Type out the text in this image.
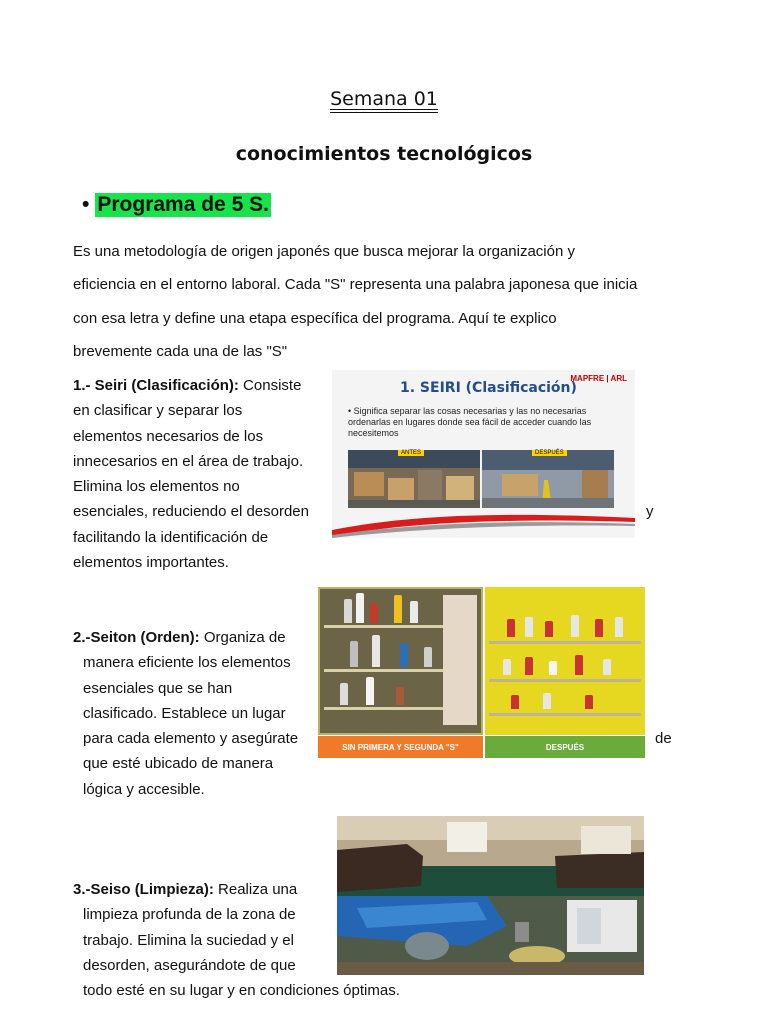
Semana 01
conocimientos tecnológicos
• Programa de 5 S.
Es una metodología de origen japonés que busca mejorar la organización y
eficiencia en el entorno laboral. Cada "S" representa una palabra japonesa que inicia
con esa letra y define una etapa específica del programa. Aquí te explico
brevemente cada una de las "S"
1.- Seiri (Clasificación): Consiste
en clasificar y separar los
elementos necesarios de los
innecesarios en el área de trabajo.
Elimina los elementos no
esenciales, reduciendo el desorden
facilitando la identificación de
elementos importantes.
y
MAPFRE | ARL
1. SEIRI (Clasificación)
• Significa separar las cosas necesarias y las no necesarias ordenarlas en lugares donde sea fácil de acceder cuando las necesitemos
ANTES	DESPUÉS
2.-Seiton (Orden): Organiza de
manera eficiente los elementos
esenciales que se han
clasificado. Establece un lugar
para cada elemento y asegúrate
que esté ubicado de manera
lógica y accesible.
de
SIN PRIMERA Y SEGUNDA "S"	DESPUÉS
3.-Seiso (Limpieza): Realiza una
limpieza profunda de la zona de
trabajo. Elimina la suciedad y el
desorden, asegurándote de que
todo esté en su lugar y en condiciones óptimas.
